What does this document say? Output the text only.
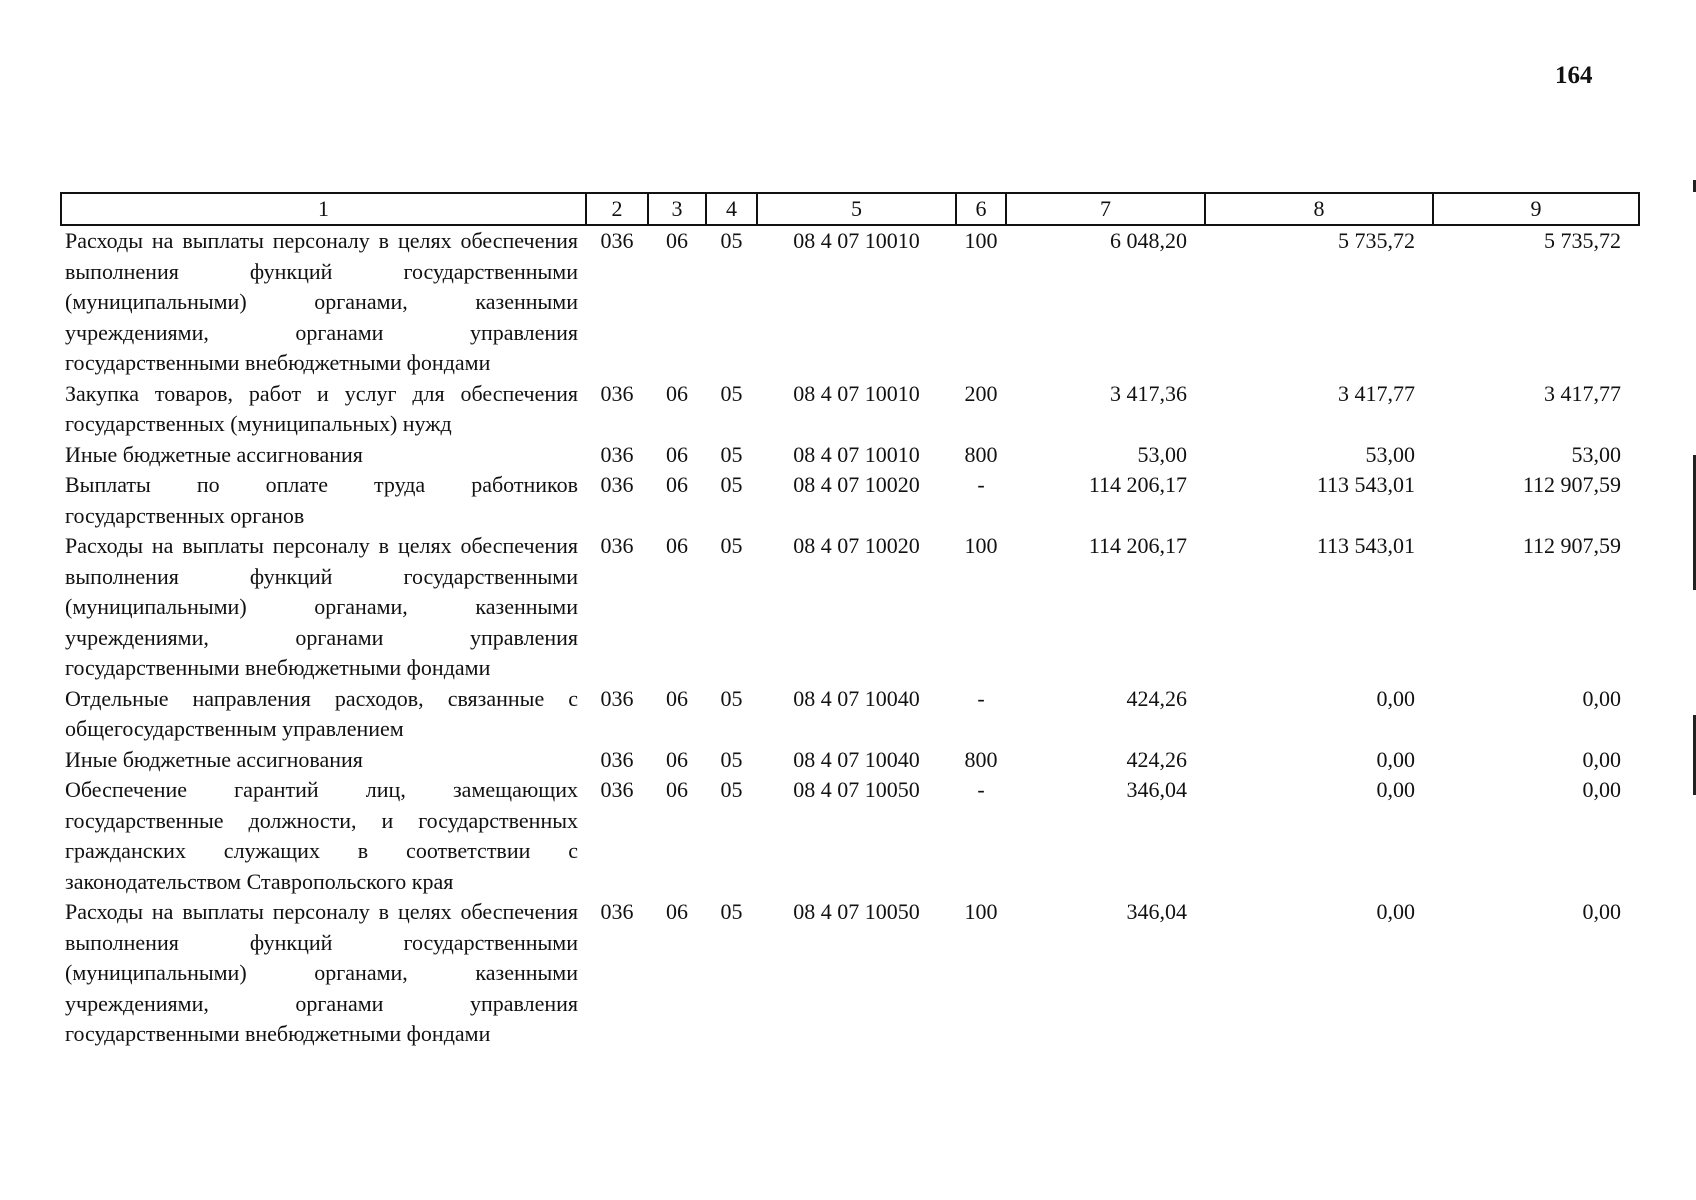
164
1	2	3	4	5	6	7	8	9
Расходы на выплаты персоналу в целях обеспечения выполнения функций государственными (муниципальными) органами, казенными учреждениями, органами управления государственными внебюджетными фондами	036	06	05	08 4 07 10010	100	6 048,20	5 735,72	5 735,72
Закупка товаров, работ и услуг для обеспечения государственных (муниципальных) нужд	036	06	05	08 4 07 10010	200	3 417,36	3 417,77	3 417,77
Иные бюджетные ассигнования	036	06	05	08 4 07 10010	800	53,00	53,00	53,00
Выплаты по оплате труда работников государственных органов	036	06	05	08 4 07 10020	-	114 206,17	113 543,01	112 907,59
Расходы на выплаты персоналу в целях обеспечения выполнения функций государственными (муниципальными) органами, казенными учреждениями, органами управления государственными внебюджетными фондами	036	06	05	08 4 07 10020	100	114 206,17	113 543,01	112 907,59
Отдельные направления расходов, связанные с общегосударственным управлением	036	06	05	08 4 07 10040	-	424,26	0,00	0,00
Иные бюджетные ассигнования	036	06	05	08 4 07 10040	800	424,26	0,00	0,00
Обеспечение гарантий лиц, замещающих государственные должности, и государственных гражданских служащих в соответствии с законодательством Ставропольского края	036	06	05	08 4 07 10050	-	346,04	0,00	0,00
Расходы на выплаты персоналу в целях обеспечения выполнения функций государственными (муниципальными) органами, казенными учреждениями, органами управления государственными внебюджетными фондами	036	06	05	08 4 07 10050	100	346,04	0,00	0,00
